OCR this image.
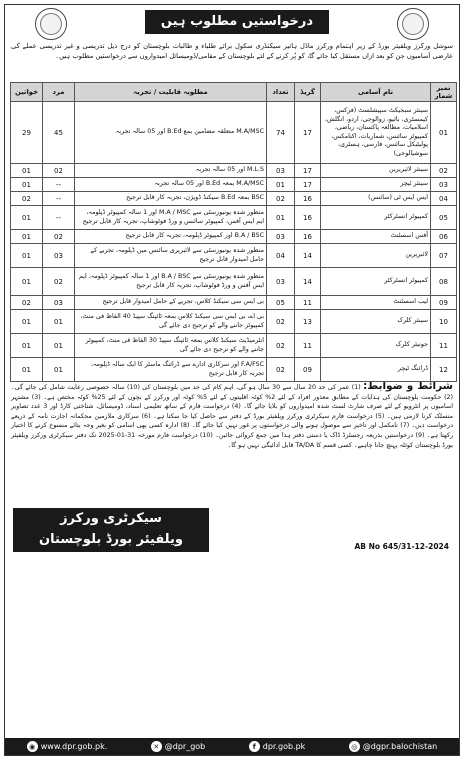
درخواستیں مطلوب ہیں
سوشل ورکرز ویلفیئر بورڈ کے زیر اہتمام ورکرز ماڈل ہائیر سیکنڈری سکول برائے طلباء و طالبات بلوچستان کو درج ذیل تدریسی و غیر تدریسی عملے کی عارضی آسامیوں جن کو بعد ازاں مستقل کیا جائے گا، کو پُر کرنے کے لئے بلوچستان کے مقامی/ڈومیسائل امیدواروں سے درخواستیں مطلوب ہیں۔
نمبر شمار	نام آسامی	گریڈ	تعداد	مطلوبہ قابلیت / تجربہ	مرد	خواتین
01	سینئر سبجیکٹ سپیشلسٹ (فزکس، کیمسٹری، بائیو، زوالوجی، اردو، انگلش، اسلامیات، مطالعہ پاکستان، ریاضی، کمپیوٹر سائنس، شماریات، اکنامکس، پولیٹیکل سائنس، فارسی، ہسٹری، سوشیالوجی)	17	74	M.A/MSC متعلقہ مضامین بمع B.Ed اور 05 سالہ تجربہ	45	29
02	سینئر لائبریرین	17	03	M.L.S اور 05 سالہ تجربہ	02	01
03	سینئر ٹیچر	17	01	M.A/MSC بمعہ B.Ed اور 05 سالہ تجربہ	--	01
04	ایس ایس ٹی (سائنس)	16	02	BSC بمعہ B.Ed سیکنڈ ڈویژن، تجربہ کار قابل ترجیح	--	02
05	کمپیوٹر انسٹرکٹر	16	01	منظور شدہ یونیورسٹی سے M.A / MSC اور 1 سالہ کمپیوٹر ڈپلومہ، ایم ایس آفس، کمپیوٹر سائنس و ورڈ فوٹوشاپ، تجربہ کار قابل ترجیح	--	01
06	آفس اسسٹنٹ	16	03	B.A / BSC اور کمپیوٹر ڈپلومہ، تجربہ کار قابل ترجیح	02	01
07	لائبریرین	14	04	منظور شدہ یونیورسٹی سے لائبریری سائنس میں ڈپلومہ، تجربے کے حامل امیدوار قابل ترجیح	03	01
08	کمپیوٹر انسٹرکٹر	14	03	منظور شدہ یونیورسٹی سے B.A / BSC اور 1 سالہ کمپیوٹر ڈپلومہ، ایم ایس آفس و ورڈ فوٹوشاپ، تجربہ کار قابل ترجیح	02	01
09	لیب اسسٹنٹ	11	05	بی ایس سی سیکنڈ کلاس، تجربے کے حامل امیدوار قابل ترجیح	03	02
10	سینئر کلرک	13	02	بی اے، بی ایس سی سیکنڈ کلاس بمعہ ٹائپنگ سپیڈ 40 الفاظ فی منٹ، کمپیوٹر جاننے والے کو ترجیح دی جائے گی	01	01
11	جونیئر کلرک	11	02	انٹرمیڈیٹ سیکنڈ کلاس بمعہ ٹائپنگ سپیڈ 30 الفاظ فی منٹ، کمپیوٹر جاننے والے کو ترجیح دی جائے گی	01	01
12	ڈرائنگ ٹیچر	09	02	F.A/FSC اور سرکاری ادارے سے ڈرائنگ ماسٹر کا ایک سالہ ڈپلومہ، تجربہ کار قابل ترجیح	01	01
شرائط و ضوابط: (1) عمر کی حد 20 سال سے 30 سال ہو گی، اہم کام کی حد میں بلوچستان کی (10) سالہ خصوصی رعایت شامل کی جائے گی۔ (2) حکومت بلوچستان کی ہدایات کے مطابق معذور افراد کے لئے 2% کوٹہ اقلیتوں کے لئے 5% کوٹہ اور ورکرز کے بچوں کے لئے 25% کوٹہ مختص ہے۔ (3) مشتہر اسامیوں پر انٹرویو کے لئے صرف شارٹ لسٹ شدہ امیدواروں کو بلایا جائے گا۔ (4) درخواست فارم کے ساتھ تعلیمی اسناد، ڈومیسائل، شناختی کارڈ اور 3 عدد تصاویر منسلک کرنا لازمی ہیں۔ (5) درخواست فارم سیکرٹری ورکرز ویلفیئر بورڈ کے دفتر سے حاصل کیا جا سکتا ہے۔ (6) سرکاری ملازمین محکمانہ اجازت نامہ کے ذریعے درخواست دیں۔ (7) نامکمل اور تاخیر سے موصول ہونے والی درخواستوں پر غور نہیں کیا جائے گا۔ (8) ادارہ کسی بھی اسامی کو بغیر وجہ بتائے منسوخ کرنے کا اختیار رکھتا ہے۔ (9) درخواستیں بذریعہ رجسٹرڈ ڈاک یا دستی دفتر ہذا میں جمع کروائی جائیں۔ (10) درخواست فارم مورخہ 31-01-2025 تک دفتر سیکرٹری ورکرز ویلفیئر بورڈ بلوچستان کوئٹہ پہنچ جانا چاہیے۔ کسی قسم کا TA/DA قابل ادائیگی نہیں ہو گا۔
سیکرٹری ورکرز
ویلفیئر بورڈ بلوچستان	AB No 645/31-12-2024
◉ www.dpr.gob.pk.	✕ @dpr_gob	f dpr.gob.pk	◎ @dgpr.balochistan
